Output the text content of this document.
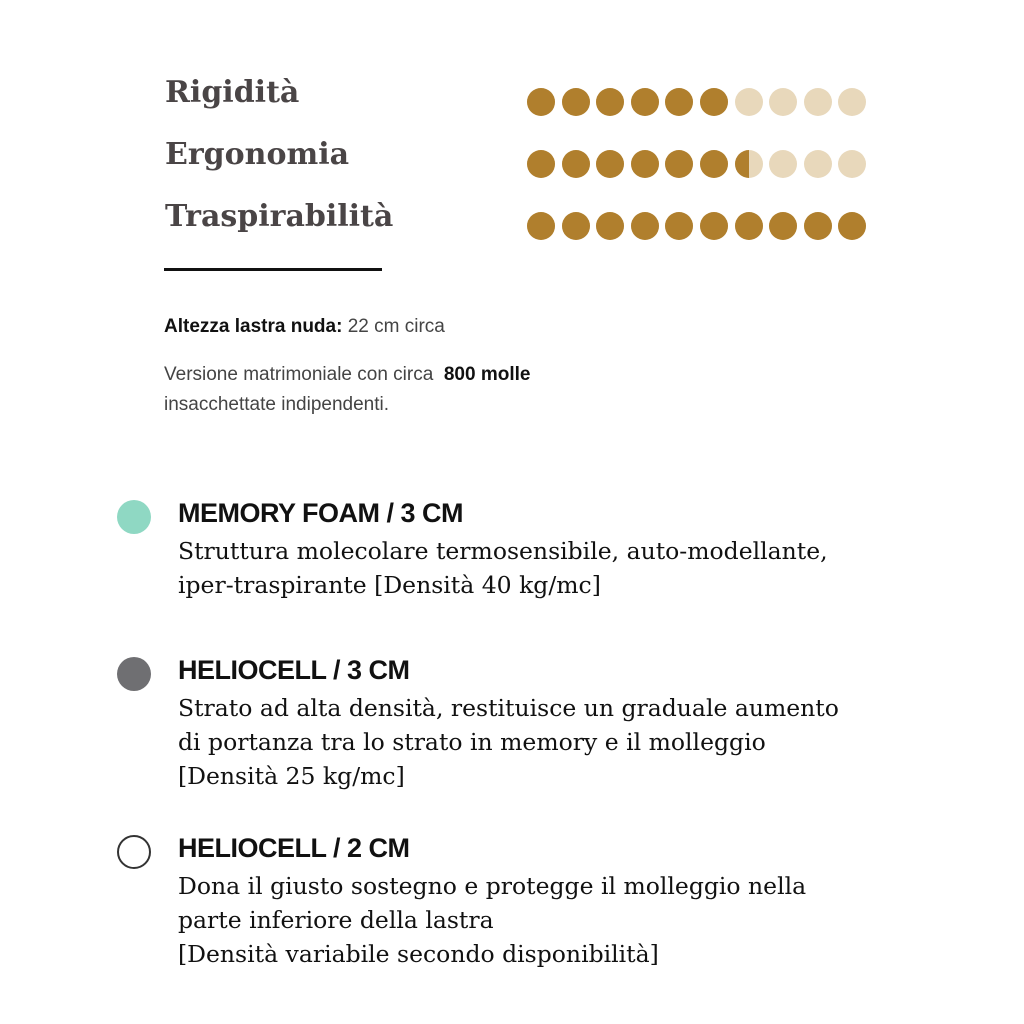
Rigidità
Ergonomia
Traspirabilità
Altezza lastra nuda: 22 cm circa
Versione matrimoniale con circa 800 molle
insacchettate indipendenti.
MEMORY FOAM / 3 CM
Struttura molecolare termosensibile, auto-modellante,
iper-traspirante [Densità 40 kg/mc]
HELIOCELL / 3 CM
Strato ad alta densità, restituisce un graduale aumento
di portanza tra lo strato in memory e il molleggio
[Densità 25 kg/mc]
HELIOCELL / 2 CM
Dona il giusto sostegno e protegge il molleggio nella
parte inferiore della lastra
[Densità variabile secondo disponibilità]
